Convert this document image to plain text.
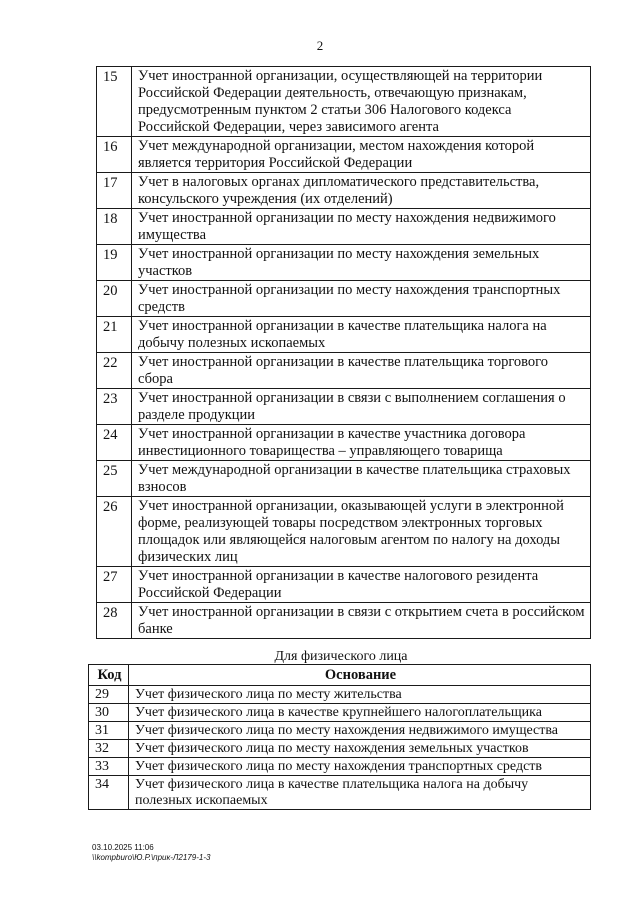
2
15	Учет иностранной организации, осуществляющей на территории Российской Федерации деятельность, отвечающую признакам, предусмотренным пунктом 2 статьи 306 Налогового кодекса Российской Федерации, через зависимого агента
16	Учет международной организации, местом нахождения которой является территория Российской Федерации
17	Учет в налоговых органах дипломатического представительства, консульского учреждения (их отделений)
18	Учет иностранной организации по месту нахождения недвижимого имущества
19	Учет иностранной организации по месту нахождения земельных участков
20	Учет иностранной организации по месту нахождения транспортных средств
21	Учет иностранной организации в качестве плательщика налога на добычу полезных ископаемых
22	Учет иностранной организации в качестве плательщика торгового сбора
23	Учет иностранной организации в связи с выполнением соглашения о разделе продукции
24	Учет иностранной организации в качестве участника договора инвестиционного товарищества – управляющего товарища
25	Учет международной организации в качестве плательщика страховых взносов
26	Учет иностранной организации, оказывающей услуги в электронной форме, реализующей товары посредством электронных торговых площадок или являющейся налоговым агентом по налогу на доходы физических лиц
27	Учет иностранной организации в качестве налогового резидента Российской Федерации
28	Учет иностранной организации в связи с открытием счета в российском банке
Для физического лица
Код	Основание
29	Учет физического лица по месту жительства
30	Учет физического лица в качестве крупнейшего налогоплательщика
31	Учет физического лица по месту нахождения недвижимого имущества
32	Учет физического лица по месту нахождения земельных участков
33	Учет физического лица по месту нахождения транспортных средств
34	Учет физического лица в качестве плательщика налога на добычу полезных ископаемых
03.10.2025 11:06
\\kompburo\Ю.Р.\прик-Л2179-1-3
